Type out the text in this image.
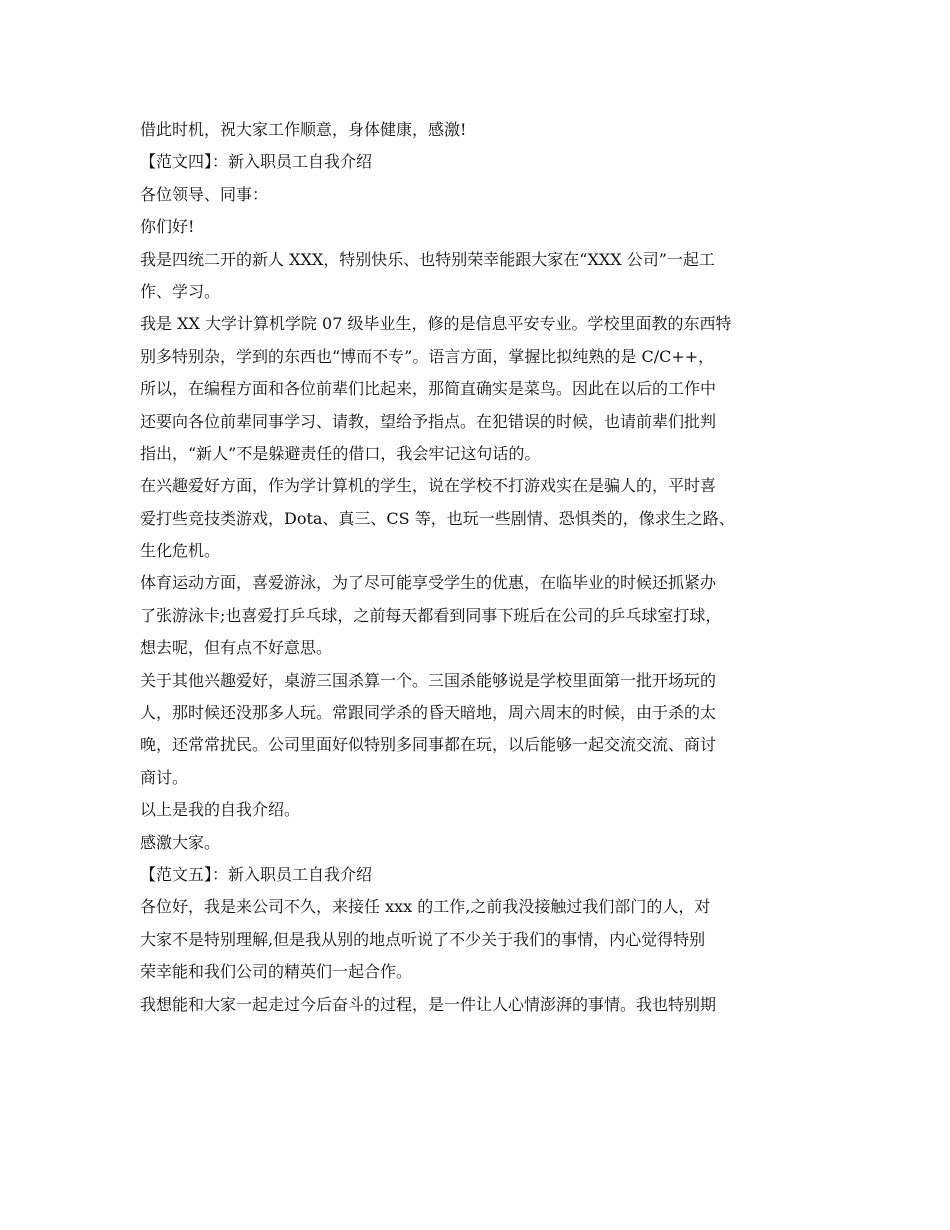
借此时机，祝大家工作顺意，身体健康，感激!

【范文四】：新入职员工自我介绍

各位领导、同事：

你们好!

我是四统二开的新人 XXX，特别快乐、也特别荣幸能跟大家在“XXX 公司”一起工

作、学习。

我是 XX 大学计算机学院 07 级毕业生，修的是信息平安专业。学校里面教的东西特

别多特别杂，学到的东西也“博而不专”。语言方面，掌握比拟纯熟的是 C/C++，

所以，在编程方面和各位前辈们比起来，那简直确实是菜鸟。因此在以后的工作中

还要向各位前辈同事学习、请教，望给予指点。在犯错误的时候，也请前辈们批判

指出，“新人”不是躲避责任的借口，我会牢记这句话的。

在兴趣爱好方面，作为学计算机的学生，说在学校不打游戏实在是骗人的，平时喜

爱打些竞技类游戏，Dota、真三、CS 等，也玩一些剧情、恐惧类的，像求生之路、

生化危机。

体育运动方面，喜爱游泳，为了尽可能享受学生的优惠，在临毕业的时候还抓紧办

了张游泳卡;也喜爱打乒乓球，之前每天都看到同事下班后在公司的乒乓球室打球，

想去呢，但有点不好意思。

关于其他兴趣爱好，桌游三国杀算一个。三国杀能够说是学校里面第一批开场玩的

人，那时候还没那多人玩。常跟同学杀的昏天暗地，周六周末的时候，由于杀的太

晚，还常常扰民。公司里面好似特别多同事都在玩，以后能够一起交流交流、商讨

商讨。

以上是我的自我介绍。

感激大家。

【范文五】：新入职员工自我介绍

各位好，我是来公司不久，来接任 xxx 的工作,之前我没接触过我们部门的人，对

大家不是特别理解,但是我从别的地点听说了不少关于我们的事情，内心觉得特别

荣幸能和我们公司的精英们一起合作。

我想能和大家一起走过今后奋斗的过程，是一件让人心情澎湃的事情。我也特别期
